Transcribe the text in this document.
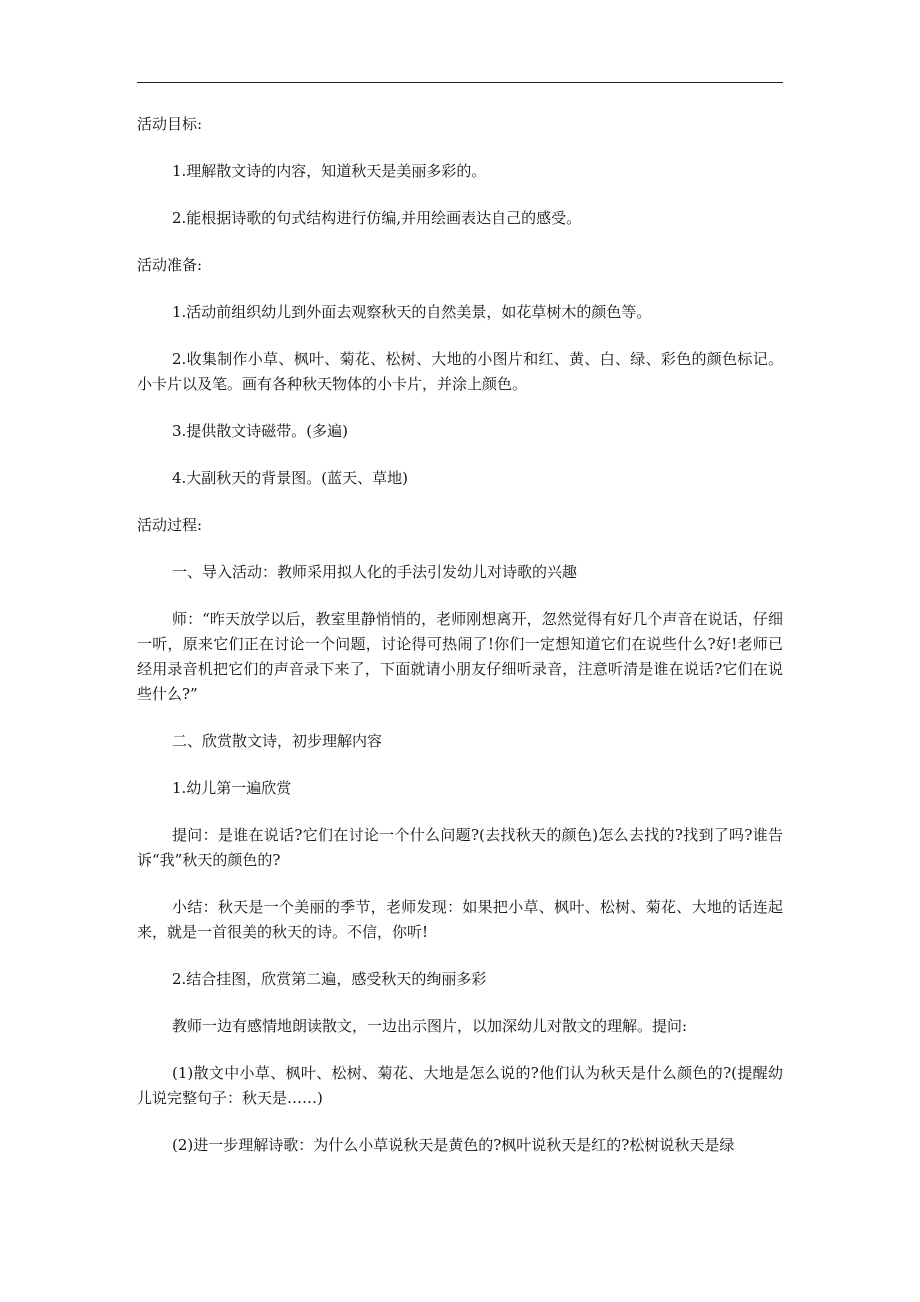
活动目标:

1.理解散文诗的内容，知道秋天是美丽多彩的。

2.能根据诗歌的句式结构进行仿编,并用绘画表达自己的感受。

活动准备:

1.活动前组织幼儿到外面去观察秋天的自然美景，如花草树木的颜色等。

2.收集制作小草、枫叶、菊花、松树、大地的小图片和红、黄、白、绿、彩色的颜色标记。小卡片以及笔。画有各种秋天物体的小卡片，并涂上颜色。

3.提供散文诗磁带。(多遍)

4.大副秋天的背景图。(蓝天、草地)

活动过程:

一、导入活动：教师采用拟人化的手法引发幼儿对诗歌的兴趣

师：“昨天放学以后，教室里静悄悄的，老师刚想离开，忽然觉得有好几个声音在说话，仔细一听，原来它们正在讨论一个问题，讨论得可热闹了!你们一定想知道它们在说些什么?好!老师已经用录音机把它们的声音录下来了，下面就请小朋友仔细听录音，注意听清是谁在说话?它们在说些什么?”

二、欣赏散文诗，初步理解内容

1.幼儿第一遍欣赏

提问：是谁在说话?它们在讨论一个什么问题?(去找秋天的颜色)怎么去找的?找到了吗?谁告诉“我”秋天的颜色的?

小结：秋天是一个美丽的季节，老师发现：如果把小草、枫叶、松树、菊花、大地的话连起来，就是一首很美的秋天的诗。不信，你听!

2.结合挂图，欣赏第二遍，感受秋天的绚丽多彩

教师一边有感情地朗读散文，一边出示图片，以加深幼儿对散文的理解。提问:

(1)散文中小草、枫叶、松树、菊花、大地是怎么说的?他们认为秋天是什么颜色的?(提醒幼儿说完整句子：秋天是……)

(2)进一步理解诗歌：为什么小草说秋天是黄色的?枫叶说秋天是红的?松树说秋天是绿
